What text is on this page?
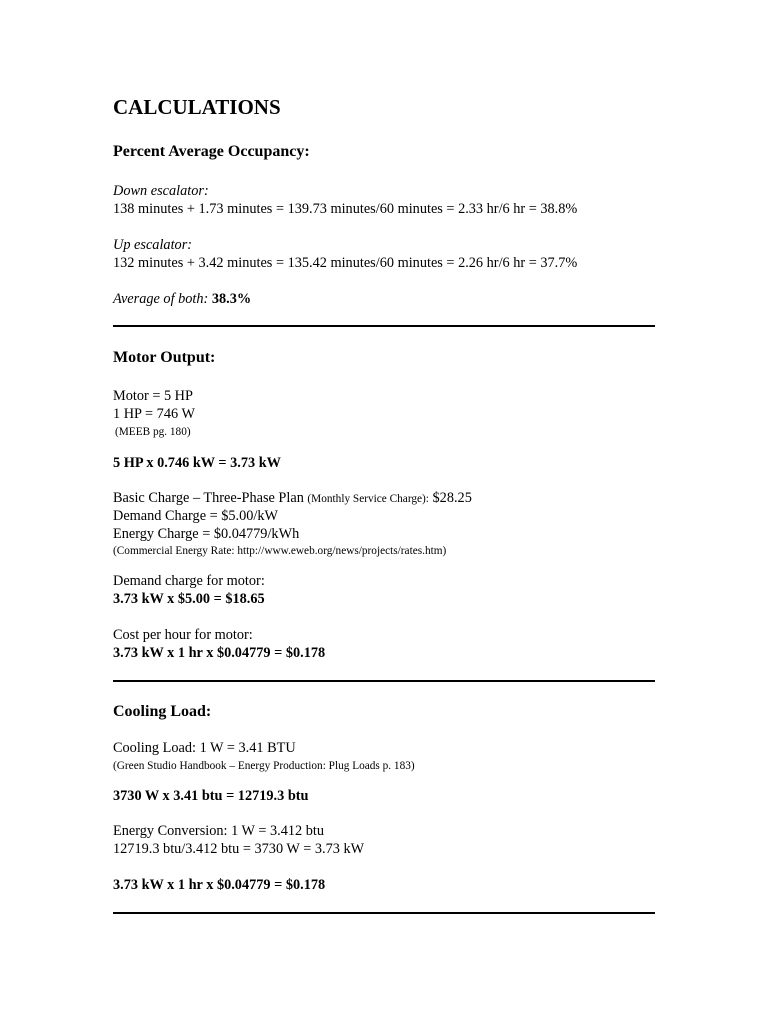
CALCULATIONS
Percent Average Occupancy:
Down escalator:
138 minutes + 1.73 minutes = 139.73 minutes/60 minutes = 2.33 hr/6 hr = 38.8%
Up escalator:
132 minutes + 3.42 minutes = 135.42 minutes/60 minutes = 2.26 hr/6 hr = 37.7%
Average of both: 38.3%
Motor Output:
Motor = 5 HP
1 HP = 746 W
(MEEB pg. 180)
5 HP x 0.746 kW = 3.73 kW
Basic Charge – Three-Phase Plan (Monthly Service Charge): $28.25
Demand Charge = $5.00/kW
Energy Charge = $0.04779/kWh
(Commercial Energy Rate: http://www.eweb.org/news/projects/rates.htm)
Demand charge for motor:
3.73 kW x $5.00 = $18.65
Cost per hour for motor:
3.73 kW x 1 hr x $0.04779 = $0.178
Cooling Load:
Cooling Load: 1 W = 3.41 BTU
(Green Studio Handbook – Energy Production: Plug Loads p. 183)
3730 W x 3.41 btu = 12719.3 btu
Energy Conversion: 1 W = 3.412 btu
12719.3 btu/3.412 btu = 3730 W = 3.73 kW
3.73 kW x 1 hr x $0.04779 = $0.178
